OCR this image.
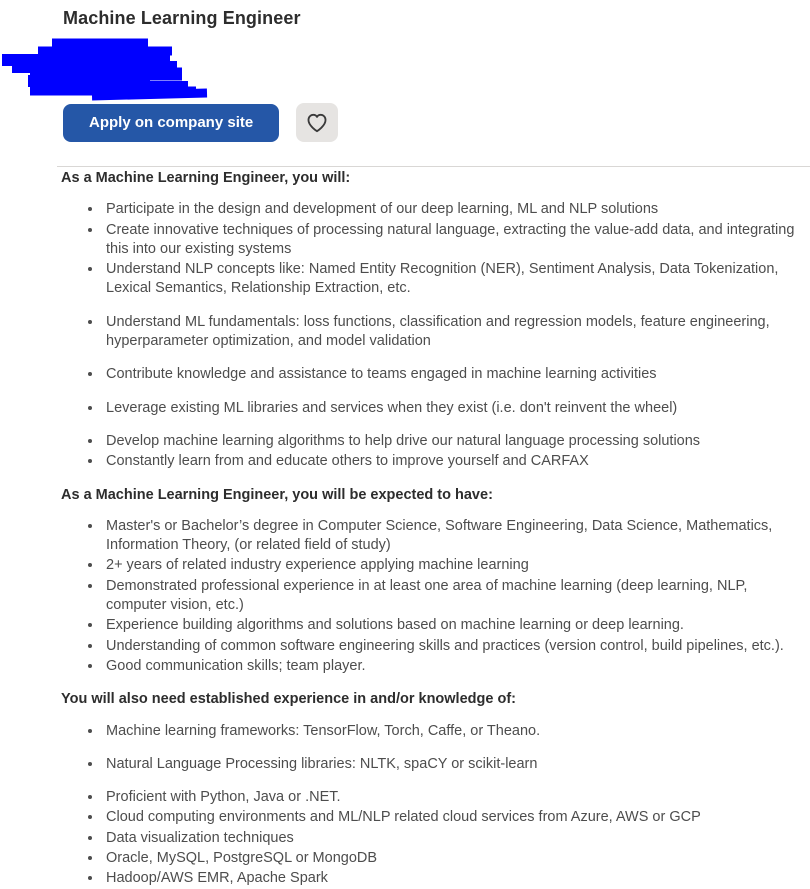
Machine Learning Engineer
Apply on company site
As a Machine Learning Engineer, you will:
• Participate in the design and development of our deep learning, ML and NLP solutions
• Create innovative techniques of processing natural language, extracting the value-add data, and integrating this into our existing systems
• Understand NLP concepts like: Named Entity Recognition (NER), Sentiment Analysis, Data Tokenization, Lexical Semantics, Relationship Extraction, etc.
• Understand ML fundamentals: loss functions, classification and regression models, feature engineering, hyperparameter optimization, and model validation
• Contribute knowledge and assistance to teams engaged in machine learning activities
• Leverage existing ML libraries and services when they exist (i.e. don't reinvent the wheel)
• Develop machine learning algorithms to help drive our natural language processing solutions
• Constantly learn from and educate others to improve yourself and CARFAX
As a Machine Learning Engineer, you will be expected to have:
• Master's or Bachelor’s degree in Computer Science, Software Engineering, Data Science, Mathematics, Information Theory, (or related field of study)
• 2+ years of related industry experience applying machine learning
• Demonstrated professional experience in at least one area of machine learning (deep learning, NLP, computer vision, etc.)
• Experience building algorithms and solutions based on machine learning or deep learning.
• Understanding of common software engineering skills and practices (version control, build pipelines, etc.).
• Good communication skills; team player.
You will also need established experience in and/or knowledge of:
• Machine learning frameworks: TensorFlow, Torch, Caffe, or Theano.
• Natural Language Processing libraries: NLTK, spaCY or scikit-learn
• Proficient with Python, Java or .NET.
• Cloud computing environments and ML/NLP related cloud services from Azure, AWS or GCP
• Data visualization techniques
• Oracle, MySQL, PostgreSQL or MongoDB
• Hadoop/AWS EMR, Apache Spark
